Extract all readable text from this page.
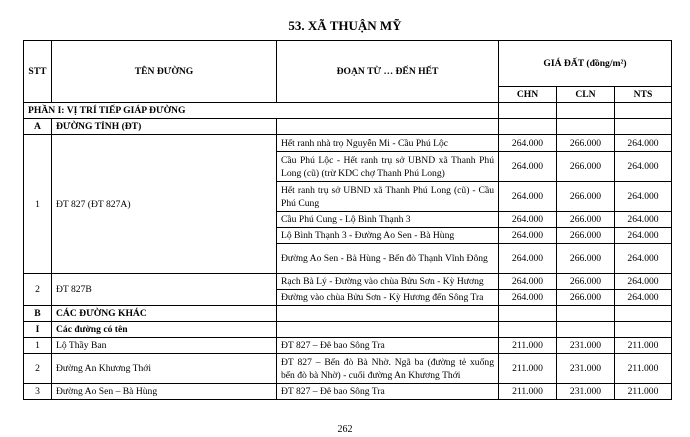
53. XÃ THUẬN MỸ
STT	TÊN ĐƯỜNG	ĐOẠN TỪ … ĐẾN HẾT	GIÁ ĐẤT (đồng/m²)		
			CHN	CLN	NTS
PHẦN I: VỊ TRÍ TIẾP GIÁP ĐƯỜNG					
A	ĐƯỜNG TỈNH (ĐT)				
1	ĐT 827 (ĐT 827A)	Hết ranh nhà trọ Nguyễn Mi - Cầu Phú Lộc	264.000	266.000	264.000
		Cầu Phú Lộc - Hết ranh trụ sở UBND xã Thanh Phú Long (cũ) (trừ KDC chợ Thanh Phú Long)	264.000	266.000	264.000
		Hết ranh trụ sở UBND xã Thanh Phú Long (cũ) - Cầu Phú Cung	264.000	266.000	264.000
		Cầu Phú Cung - Lộ Bình Thạnh 3	264.000	266.000	264.000
		Lộ Bình Thạnh 3 - Đường Ao Sen - Bà Hùng	264.000	266.000	264.000
		Đường Ao Sen - Bà Hùng - Bến đò Thạnh Vĩnh Đông	264.000	266.000	264.000
2	ĐT 827B	Rạch Bà Lý - Đường vào chùa Bửu Sơn - Kỳ Hương	264.000	266.000	264.000
		Đường vào chùa Bửu Sơn - Kỳ Hương đến Sông Tra	264.000	266.000	264.000
B	CÁC ĐƯỜNG KHÁC				
I	Các đường có tên				
1	Lộ Thầy Ban	ĐT 827 – Đê bao Sông Tra	211.000	231.000	211.000
2	Đường An Khương Thới	ĐT 827 – Bến đò Bà Nhờ. Ngã ba (đường tẻ xuống bến đò bà Nhờ) - cuối đường An Khương Thới	211.000	231.000	211.000
3	Đường Ao Sen – Bà Hùng	ĐT 827 – Đê bao Sông Tra	211.000	231.000	211.000
262
